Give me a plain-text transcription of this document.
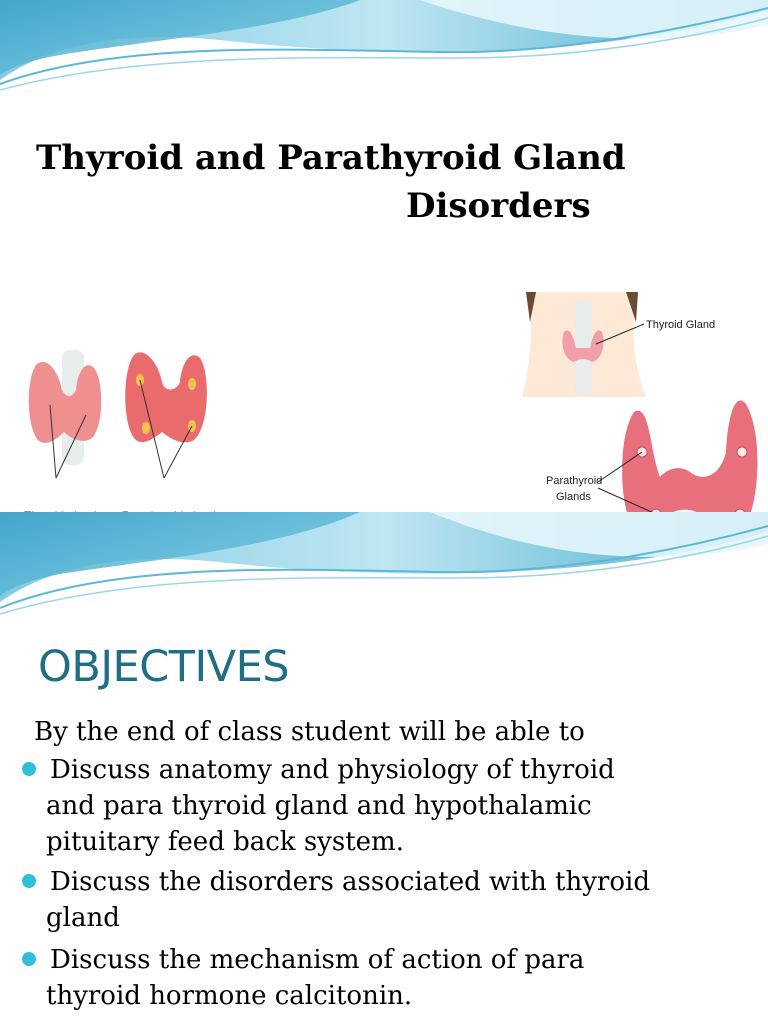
Thyroid and Parathyroid Gland
Disorders
Thyroid Gland
Parathyroid
Glands
OBJECTIVES
By the end of class student will be able to
Discuss anatomy and physiology of thyroid
and para thyroid gland and hypothalamic
pituitary feed back system.
Discuss the disorders associated with thyroid
gland
Discuss the mechanism of action of para
thyroid hormone calcitonin.
